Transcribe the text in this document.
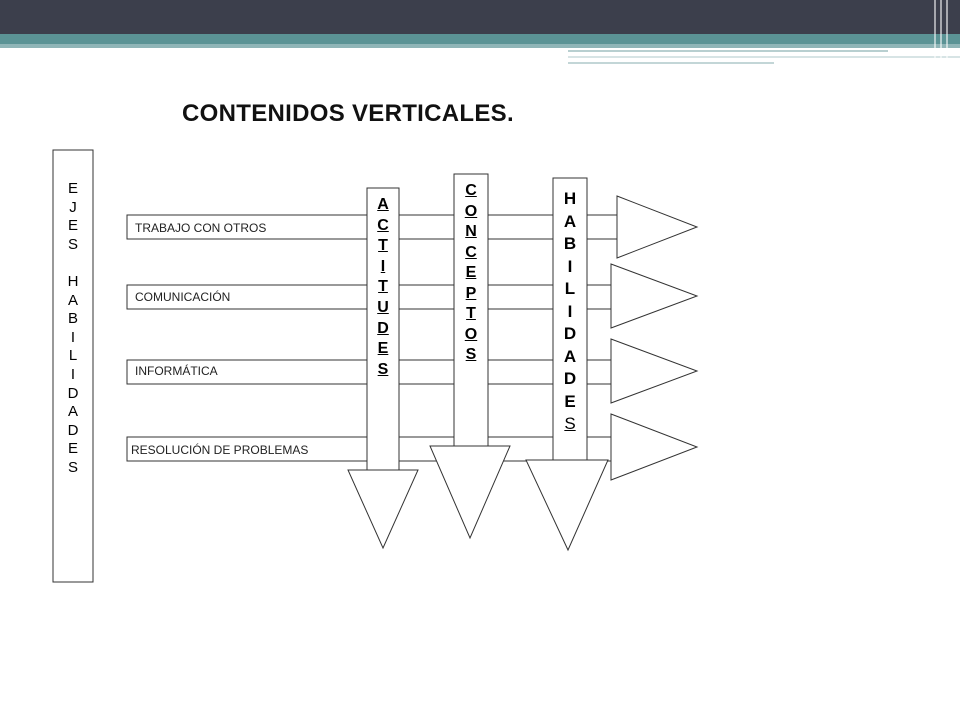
CONTENIDOS VERTICALES.
E
J
E
S
H
A
B
I
L
I
D
A
D
E
S
TRABAJO CON OTROS
COMUNICACIÓN
INFORMÁTICA
RESOLUCIÓN DE PROBLEMAS
A
C
T
I
T
U
D
E
S
C
O
N
C
E
P
T
O
S
H
A
B
I
L
I
D
A
D
E
S
